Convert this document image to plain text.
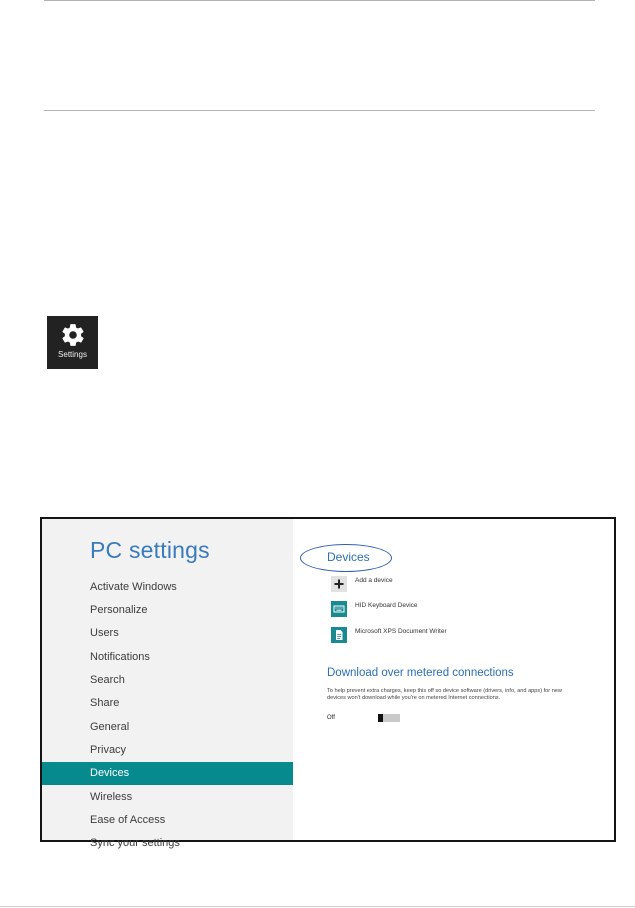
Settings
PC settings
Activate Windows
Personalize
Users
Notifications
Search
Share
General
Privacy
Devices
Wireless
Ease of Access
Sync your settings
Devices
Add a device
HID Keyboard Device
Microsoft XPS Document Writer
Download over metered connections
To help prevent extra charges, keep this off so device software (drivers, info, and apps) for new devices won't download while you're on metered Internet connections.
Off
